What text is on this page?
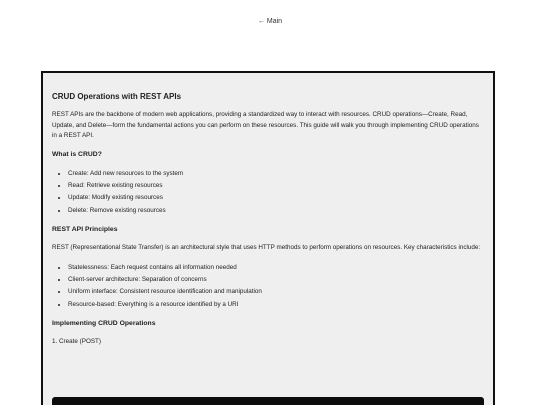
← Main
CRUD Operations with REST APIs

REST APIs are the backbone of modern web applications, providing a standardized way to interact with resources. CRUD operations—Create, Read, Update, and Delete—form the fundamental actions you can perform on these resources. This guide will walk you through implementing CRUD operations in a REST API.

What is CRUD?
• Create: Add new resources to the system
• Read: Retrieve existing resources
• Update: Modify existing resources
• Delete: Remove existing resources
REST API Principles

REST (Representational State Transfer) is an architectural style that uses HTTP methods to perform operations on resources. Key characteristics include:

• Statelessness: Each request contains all information needed
• Client-server architecture: Separation of concerns
• Uniform interface: Consistent resource identification and manipulation
• Resource-based: Everything is a resource identified by a URI
Implementing CRUD Operations
1. Create (POST)
